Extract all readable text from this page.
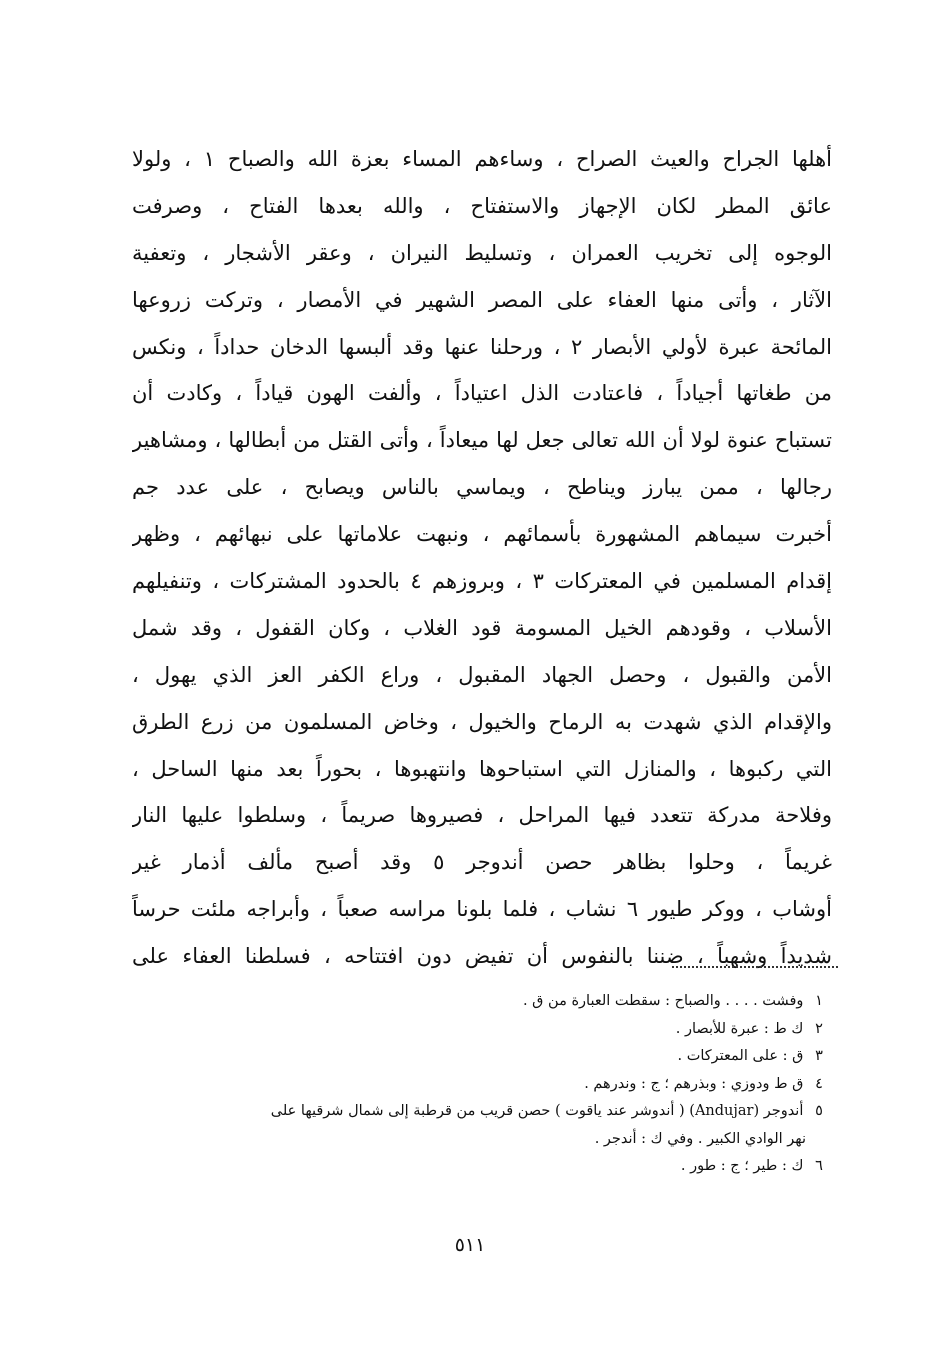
أهلها الجراح والعيث الصراح ، وساءهم المساء بعزة الله والصباح ١ ، ولولا
عائق المطر لكان الإجهاز والاستفتاح ، والله بعدها الفتاح ، وصرفت
الوجوه إلى تخريب العمران ، وتسليط النيران ، وعقر الأشجار ، وتعفية
الآثار ، وأتى منها العفاء على المصر الشهير في الأمصار ، وتركت زروعها
المائحة عبرة لأولي الأبصار ٢ ، ورحلنا عنها وقد ألبسها الدخان حداداً ، ونكس
من طغاتها أجياداً ، فاعتادت الذل اعتياداً ، وألفت الهون قياداً ، وكادت أن
تستباح عنوة لولا أن الله تعالى جعل لها ميعاداً ، وأتى القتل من أبطالها ، ومشاهير
رجالها ، ممن يبارز ويناطح ، ويماسي بالناس ويصابح ، على عدد جم
أخبرت سيماهم المشهورة بأسمائهم ، ونبهت علاماتها على نبهائهم ، وظهر
إقدام المسلمين في المعتركات ٣ ، وبروزهم ٤ بالحدود المشتركات ، وتنفيلهم
الأسلاب ، وقودهم الخيل المسومة قود الغلاب ، وكان القفول ، وقد شمل
الأمن والقبول ، وحصل الجهاد المقبول ، وراع الكفر العز الذي يهول ،
والإقدام الذي شهدت به الرماح والخيول ، وخاض المسلمون من زرع الطرق
التي ركبوها ، والمنازل التي استباحوها وانتهبوها ، بحوراً بعد منها الساحل ،
وفلاحة مدركة تتعدد فيها المراحل ، فصيروها صريماً ، وسلطوا عليها النار
غريماً ، وحلوا بظاهر حصن أندوجر ٥ وقد أصبح مألف أذمار غير
أوشاب ، ووكر طيور ٦ نشاب ، فلما بلونا مراسه صعباً ، وأبراجه ملئت حرساً
شديداً وشهباً ، ضننا بالنفوس أن تفيض دون افتتاحه ، فسلطنا العفاء على
١ وفشت . . . . والصباح : سقطت العبارة من ق .
٢ ك ط : عبرة للأبصار .
٣ ق : على المعتركات .
٤ ق ط ودوزي : وبذرهم ؛ ج : وندرهم .
٥ أندوجر (Andujar) ( أندوشر عند ياقوت ) حصن قريب من قرطبة إلى شمال شرقيها على
نهر الوادي الكبير . وفي ك : أندجر .
٦ ك : طير ؛ ج : طور .
٥١١
